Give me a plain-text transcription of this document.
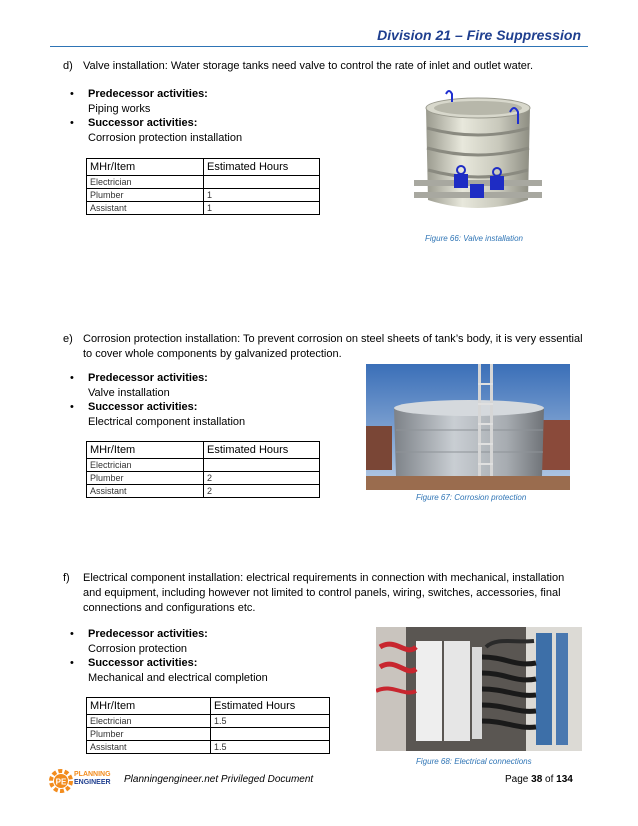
Division 21 – Fire Suppression
d) Valve installation: Water storage tanks need valve to control the rate of inlet and outlet water.
• Predecessor activities:
Piping works
• Successor activities:
Corrosion protection installation
MHr/Item	Estimated Hours
Electrician	
Plumber	1
Assistant	1
Figure 66: Valve installation
e) Corrosion protection installation: To prevent corrosion on steel sheets of tank’s body, it is very essential to cover whole components by galvanized protection.
• Predecessor activities:
Valve installation
• Successor activities:
Electrical component installation
MHr/Item	Estimated Hours
Electrician	
Plumber	2
Assistant	2
Figure 67: Corrosion protection
f) Electrical component installation: electrical requirements in connection with mechanical, installation and equipment, including however not limited to control panels, wiring, switches, accessories, final connections and configurations etc.
• Predecessor activities:
Corrosion protection
• Successor activities:
Mechanical and electrical completion
MHr/Item	Estimated Hours
Electrician	1.5
Plumber	
Assistant	1.5
Figure 68: Electrical connections
PE
PLANNING
ENGINEER Planningengineer.net Privileged Document	Page 38 of 134
